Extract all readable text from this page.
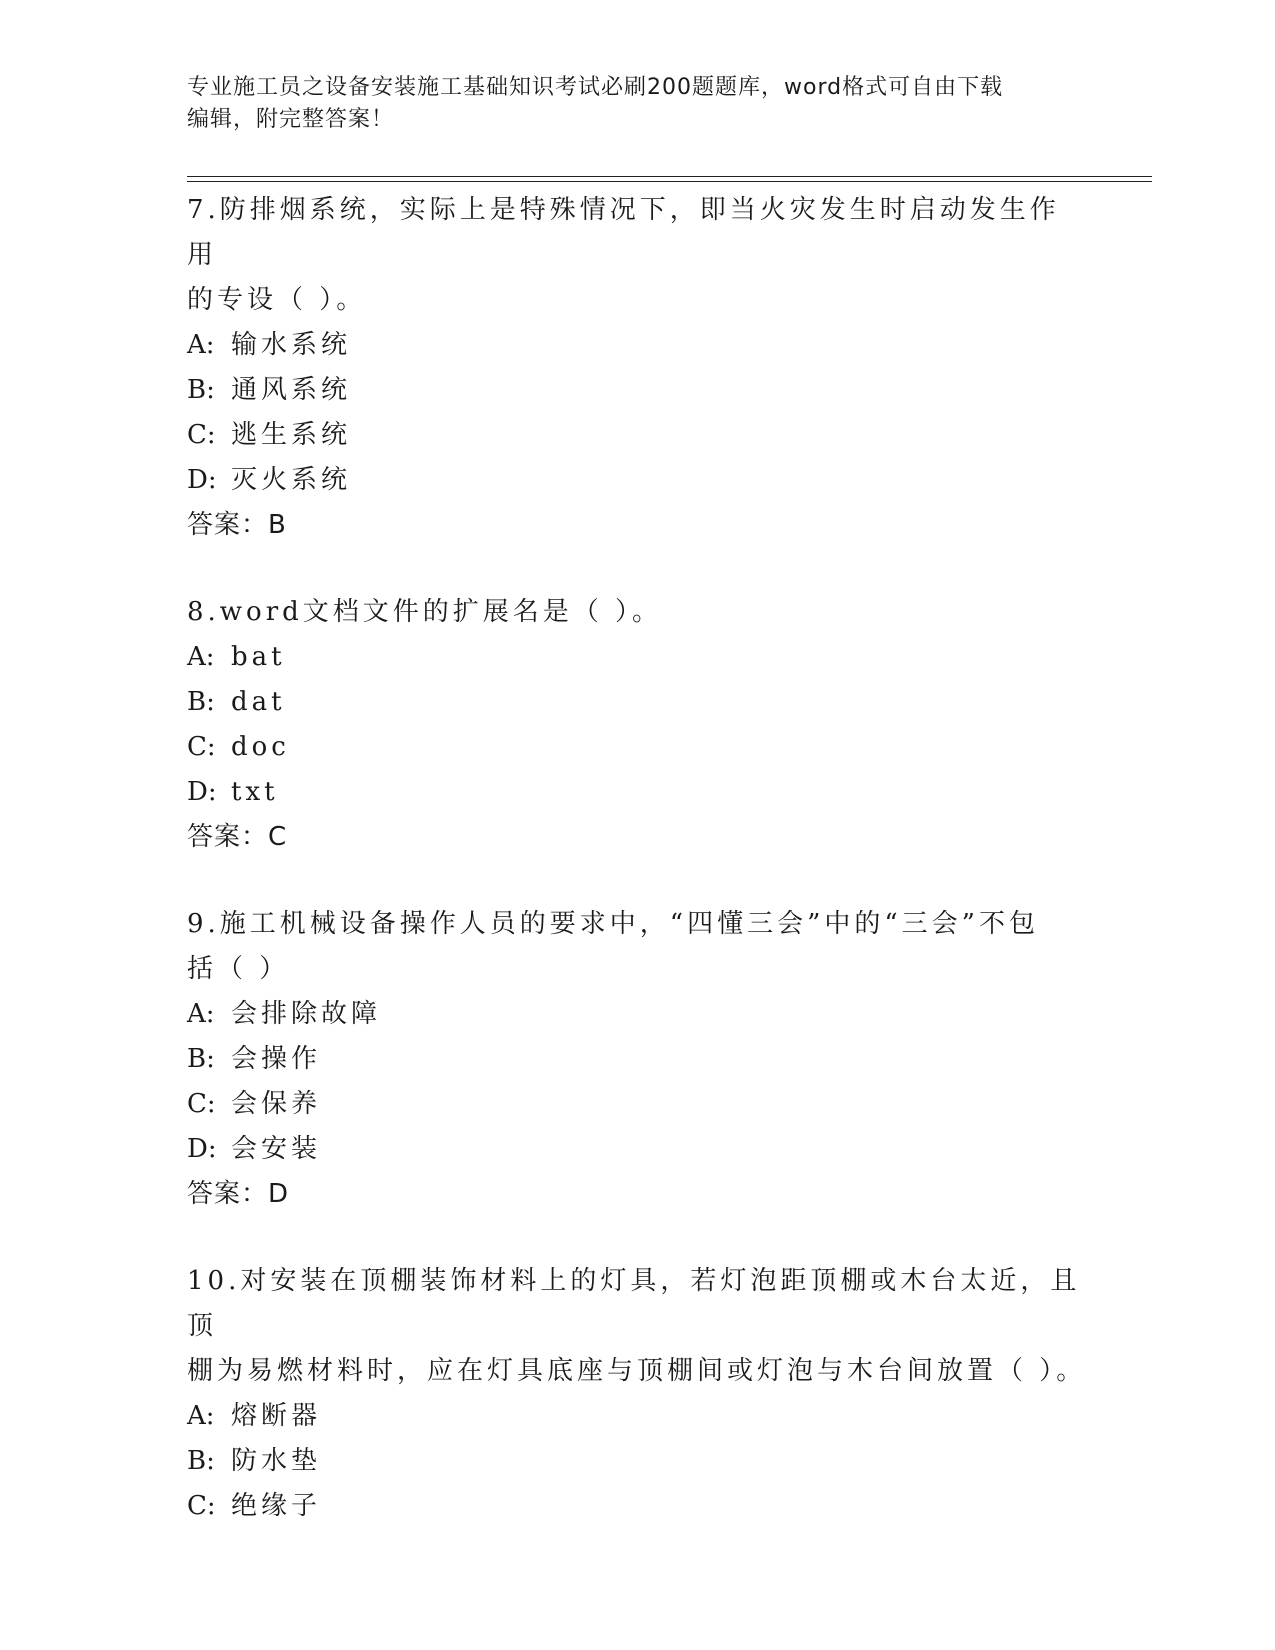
专业施工员之设备安装施工基础知识考试必刷200题题库，word格式可自由下载
编辑，附完整答案！

7.防排烟系统，实际上是特殊情况下，即当火灾发生时启动发生作用

的专设（ ）。

A: 输水系统

B: 通风系统

C: 逃生系统

D: 灭火系统

答案：B

8.word文档文件的扩展名是（ ）。

A: bat

B: dat

C: doc

D: txt

答案：C

9.施工机械设备操作人员的要求中，“四懂三会”中的“三会”不包

括（ ）

A: 会排除故障

B: 会操作

C: 会保养

D: 会安装

答案：D

10.对安装在顶棚装饰材料上的灯具，若灯泡距顶棚或木台太近，且顶

棚为易燃材料时，应在灯具底座与顶棚间或灯泡与木台间放置（ ）。

A: 熔断器

B: 防水垫

C: 绝缘子
